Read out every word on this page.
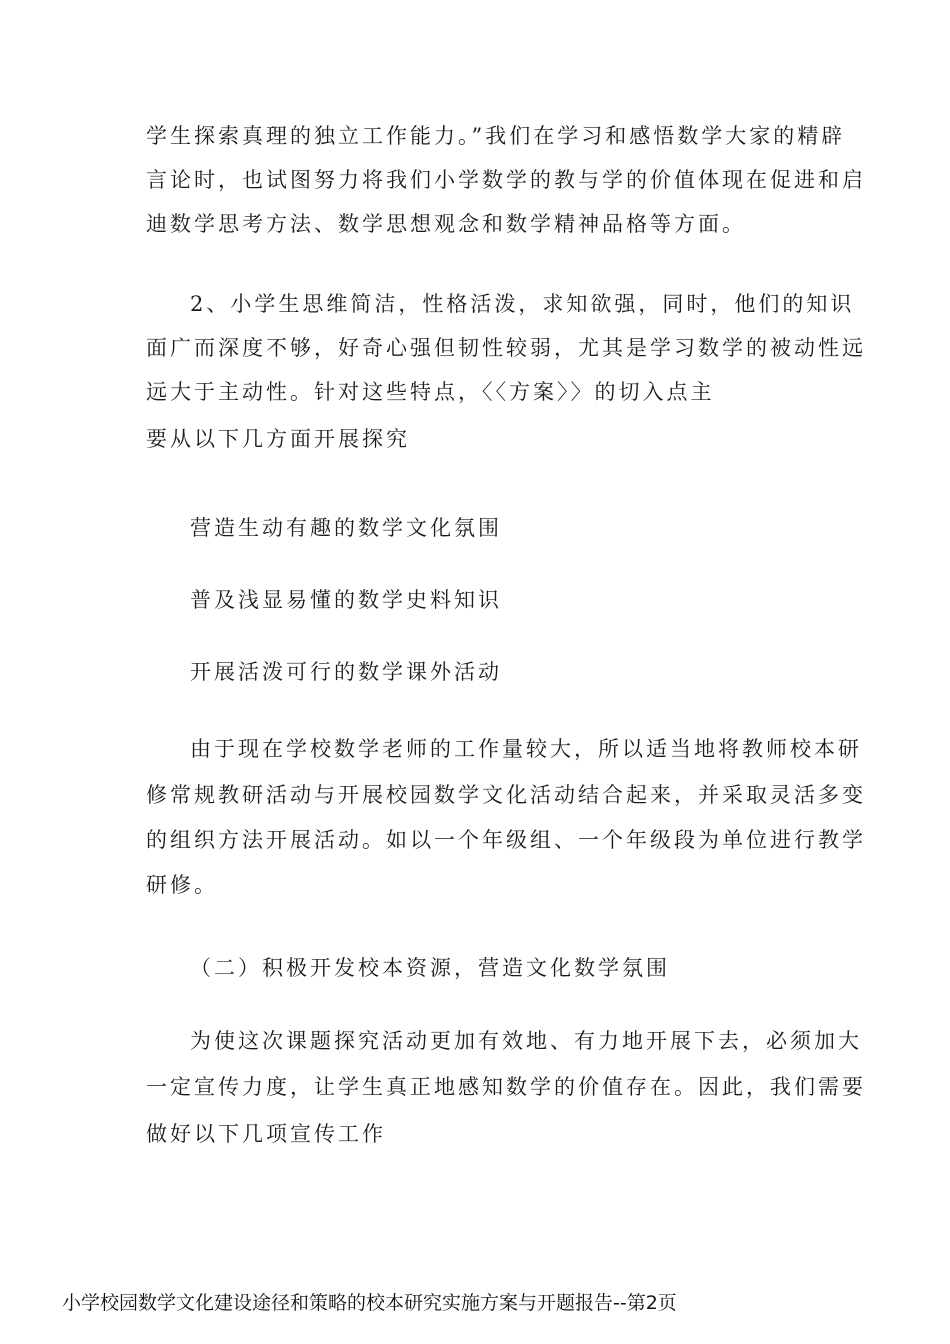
学生探索真理的独立工作能力。”我们在学习和感悟数学大家的精辟
言论时，也试图努力将我们小学数学的教与学的价值体现在促进和启
迪数学思考方法、数学思想观念和数学精神品格等方面。
2、小学生思维简洁，性格活泼，求知欲强，同时，他们的知识
面广而深度不够，好奇心强但韧性较弱，尤其是学习数学的被动性远
远大于主动性。针对这些特点，〈〈方案〉〉的切入点主
要从以下几方面开展探究
营造生动有趣的数学文化氛围
普及浅显易懂的数学史料知识
开展活泼可行的数学课外活动
由于现在学校数学老师的工作量较大，所以适当地将教师校本研
修常规教研活动与开展校园数学文化活动结合起来，并采取灵活多变
的组织方法开展活动。如以一个年级组、一个年级段为单位进行教学
研修。
（二）积极开发校本资源，营造文化数学氛围
为使这次课题探究活动更加有效地、有力地开展下去，必须加大
一定宣传力度，让学生真正地感知数学的价值存在。因此，我们需要
做好以下几项宣传工作
小学校园数学文化建设途径和策略的校本研究实施方案与开题报告--第2页
